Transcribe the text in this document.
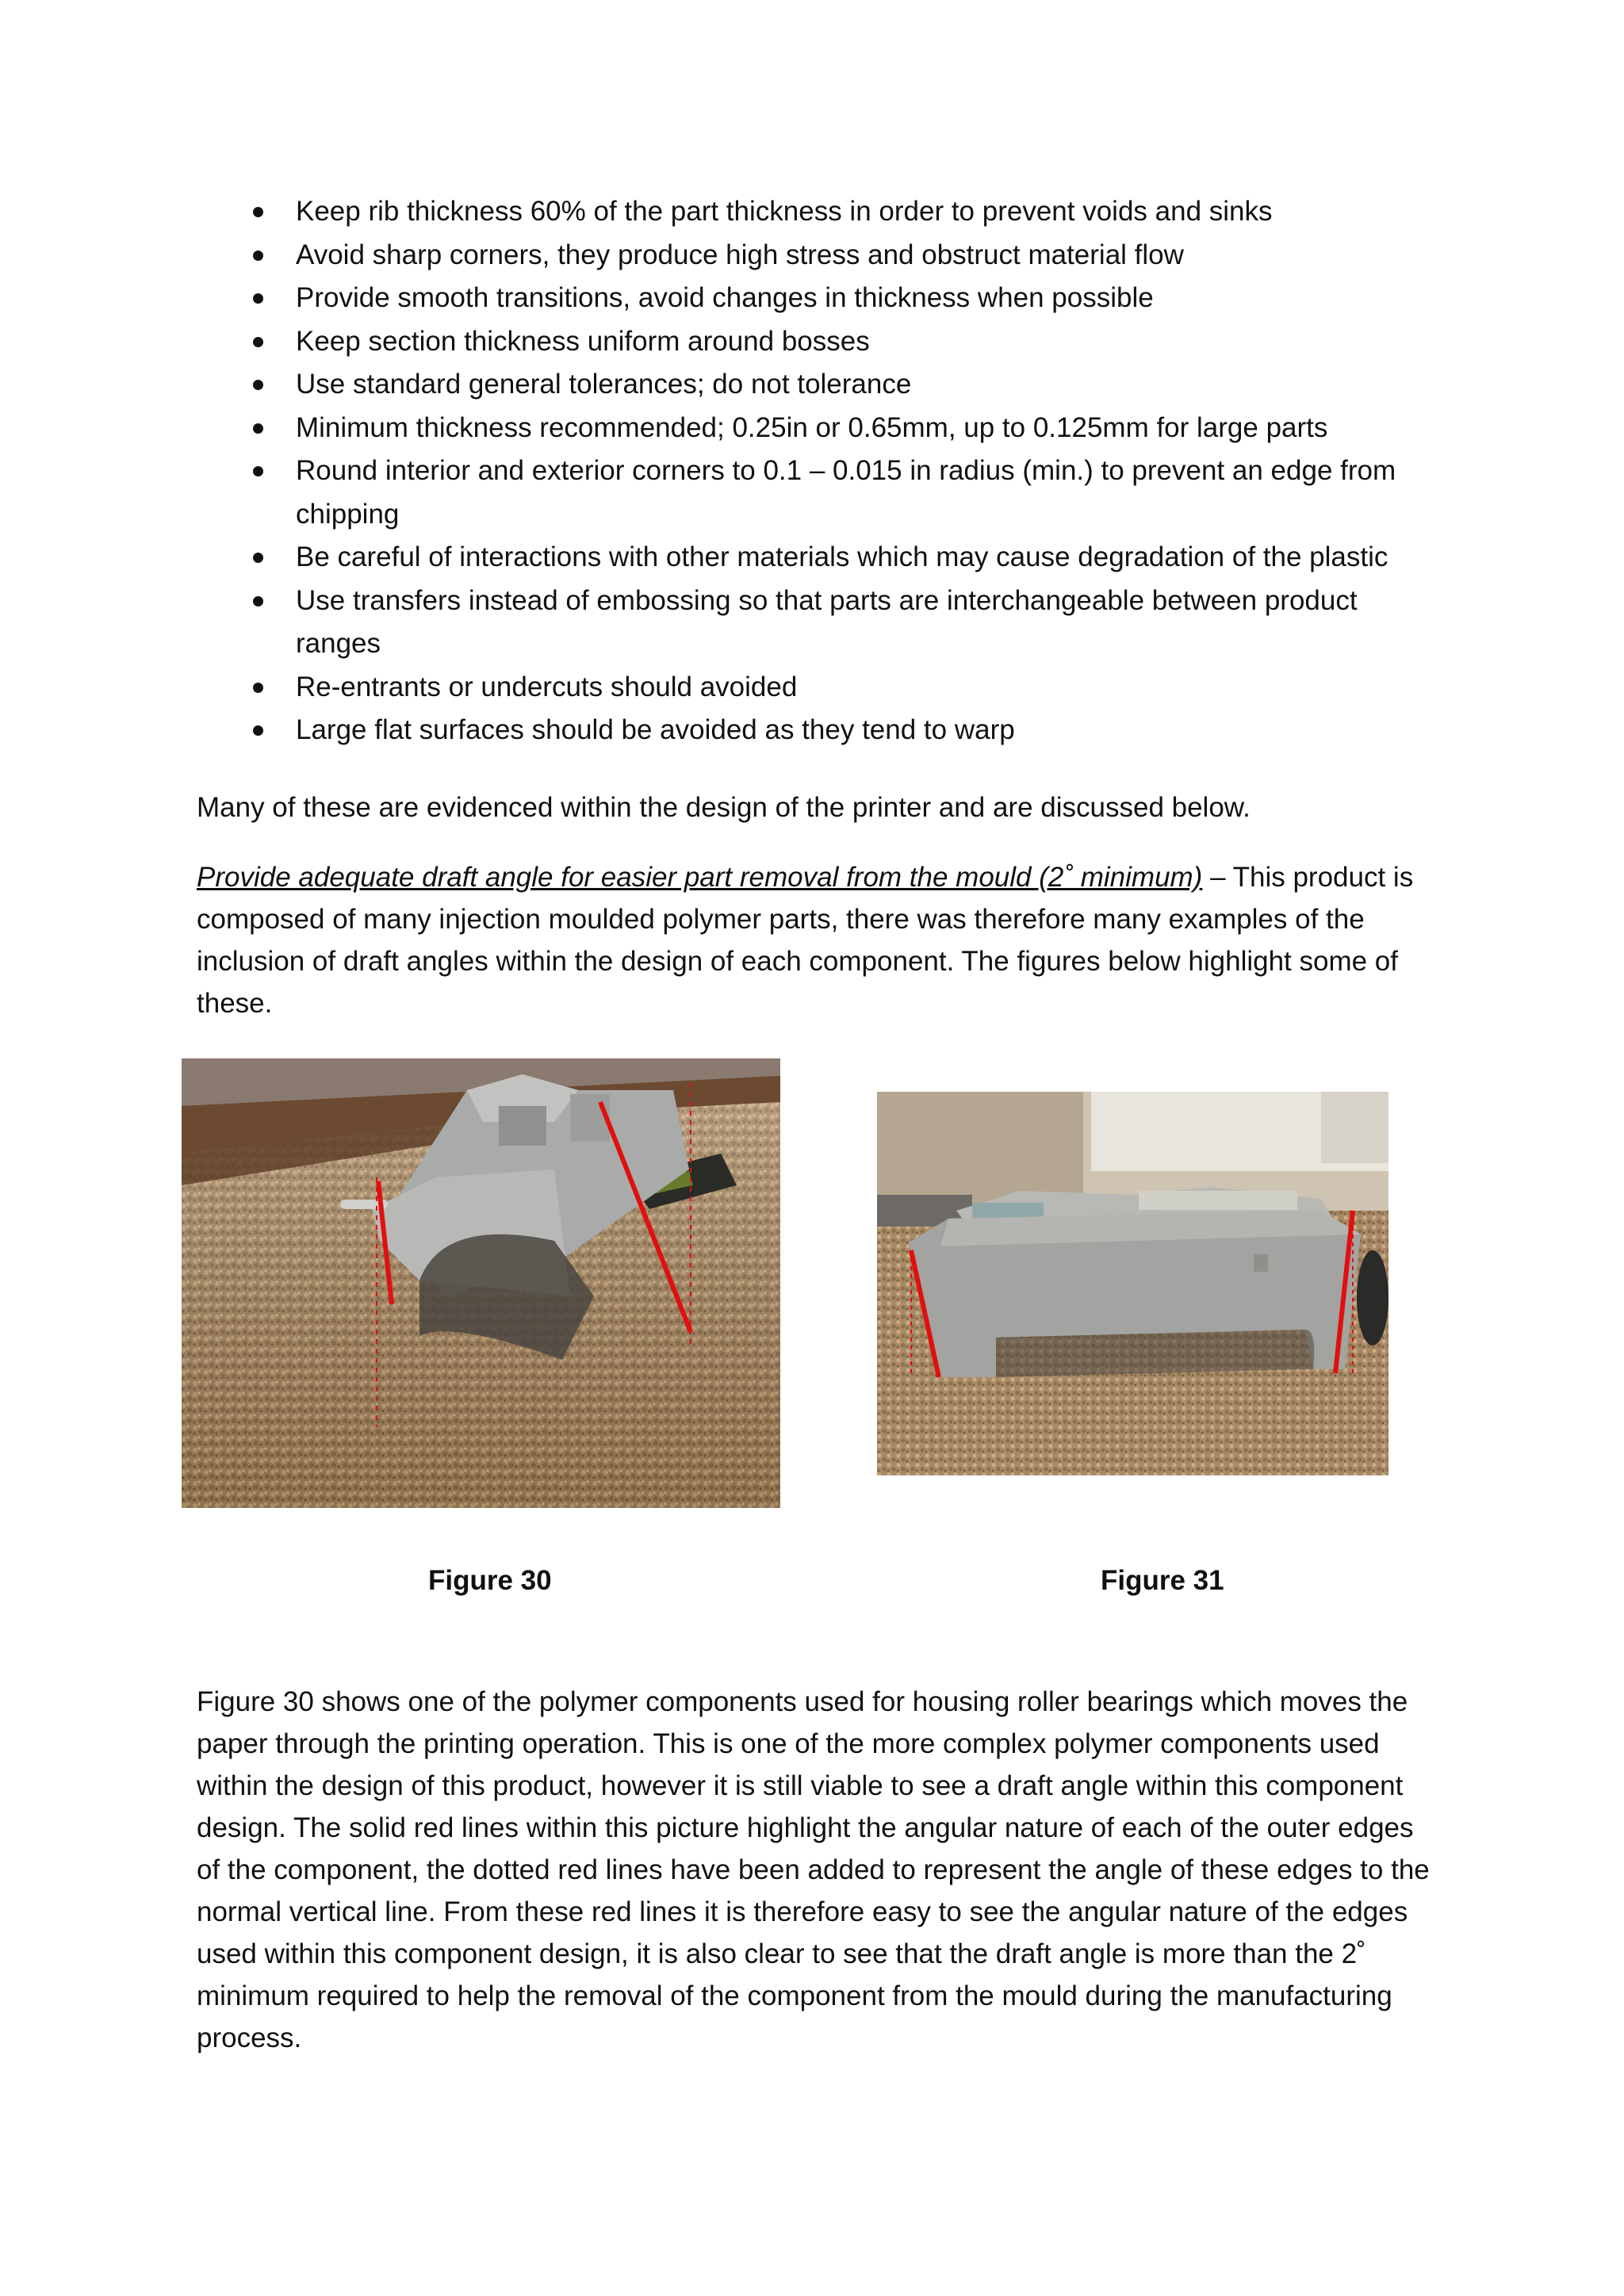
Keep rib thickness 60% of the part thickness in order to prevent voids and sinks
Avoid sharp corners, they produce high stress and obstruct material flow
Provide smooth transitions, avoid changes in thickness when possible
Keep section thickness uniform around bosses
Use standard general tolerances; do not tolerance
Minimum thickness recommended; 0.25in or 0.65mm, up to 0.125mm for large parts
Round interior and exterior corners to 0.1 – 0.015 in radius (min.) to prevent an edge from chipping
Be careful of interactions with other materials which may cause degradation of the plastic
Use transfers instead of embossing so that parts are interchangeable between product ranges
Re-entrants or undercuts should avoided
Large flat surfaces should be avoided as they tend to warp

Many of these are evidenced within the design of the printer and are discussed below.

Provide adequate draft angle for easier part removal from the mould (2˚ minimum) – This product is composed of many injection moulded polymer parts, there was therefore many examples of the inclusion of draft angles within the design of each component. The figures below highlight some of these.

Figure 30	Figure 31

Figure 30 shows one of the polymer components used for housing roller bearings which moves the paper through the printing operation. This is one of the more complex polymer components used within the design of this product, however it is still viable to see a draft angle within this component design. The solid red lines within this picture highlight the angular nature of each of the outer edges of the component, the dotted red lines have been added to represent the angle of these edges to the normal vertical line. From these red lines it is therefore easy to see the angular nature of the edges used within this component design, it is also clear to see that the draft angle is more than the 2˚ minimum required to help the removal of the component from the mould during the manufacturing process.
